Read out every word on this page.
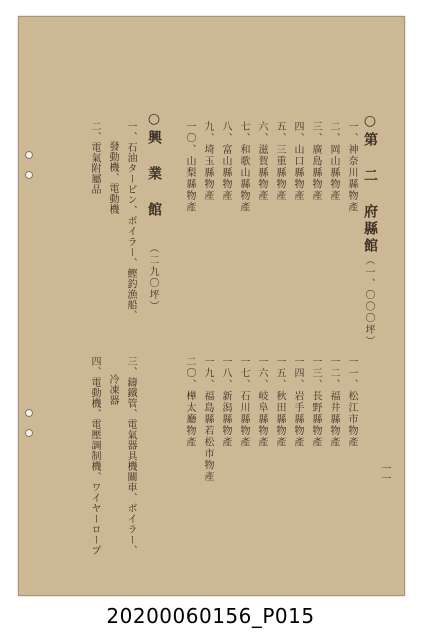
○第 二 府縣館
（一、〇〇〇坪）
一、神奈川縣物產
二、岡山縣物產
三、廣島縣物產
四、山口縣物產
五、三重縣物產
六、滋賀縣物產
七、和歌山縣物產
八、富山縣物產
九、埼玉縣物產
一〇、山梨縣物產
一一、松江市物產
一二、福井縣物產
一三、長野縣物產
一四、岩手縣物產
一五、秋田縣物產
一六、岐阜縣物產
一七、石川縣物產
一八、新潟縣物產
一九、福島縣若松市物產
二〇、樺太廳物產
○興 業 館
（二九〇坪）
一、石油タービン、ボイラー、鰹釣漁船、
發動機、電動機
二、電氣附屬品
三、鑄鐵管、電氣器具機關車、ボイラー、
冷凍器
四、電動機、電壓調制機、ワイヤーロープ	一一
20200060156_P015
